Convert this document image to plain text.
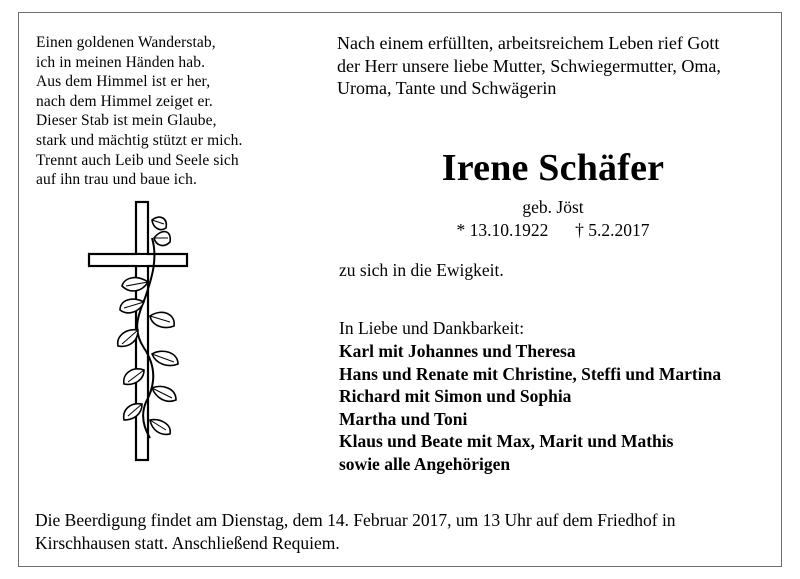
Einen goldenen Wanderstab,
ich in meinen Händen hab.
Aus dem Himmel ist er her,
nach dem Himmel zeiget er.
Dieser Stab ist mein Glaube,
stark und mächtig stützt er mich.
Trennt auch Leib und Seele sich
auf ihn trau und baue ich.
Nach einem erfüllten, arbeitsreichem Leben rief Gott
der Herr unsere liebe Mutter, Schwiegermutter, Oma,
Uroma, Tante und Schwägerin
Irene Schäfer
geb. Jöst
* 13.10.1922 † 5.2.2017
zu sich in die Ewigkeit.
In Liebe und Dankbarkeit:
Karl mit Johannes und Theresa
Hans und Renate mit Christine, Steffi und Martina
Richard mit Simon und Sophia
Martha und Toni
Klaus und Beate mit Max, Marit und Mathis
sowie alle Angehörigen
Die Beerdigung findet am Dienstag, dem 14. Februar 2017, um 13 Uhr auf dem Friedhof in
Kirschhausen statt. Anschließend Requiem.
